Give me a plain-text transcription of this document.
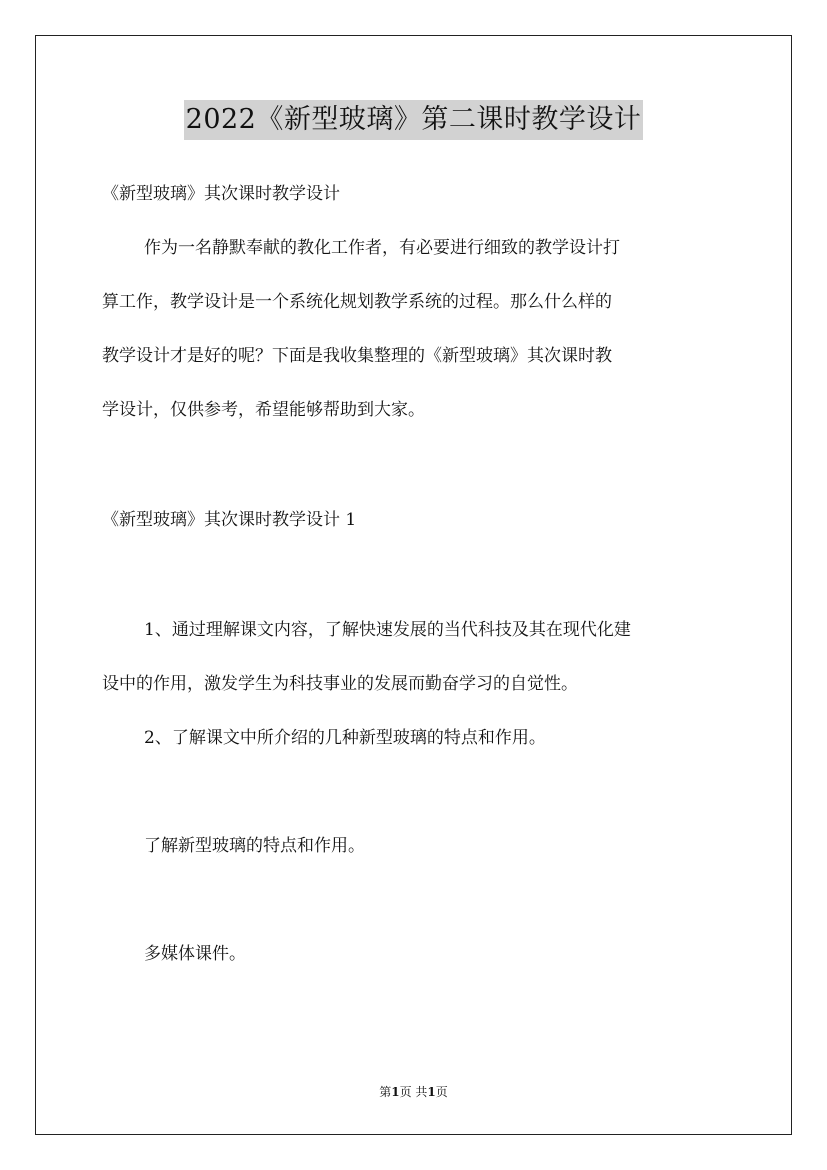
2022《新型玻璃》第二课时教学设计
《新型玻璃》其次课时教学设计
作为一名静默奉献的教化工作者，有必要进行细致的教学设计打
算工作，教学设计是一个系统化规划教学系统的过程。那么什么样的
教学设计才是好的呢？下面是我收集整理的《新型玻璃》其次课时教
学设计，仅供参考，希望能够帮助到大家。
《新型玻璃》其次课时教学设计 1
1、通过理解课文内容，了解快速发展的当代科技及其在现代化建
设中的作用，激发学生为科技事业的发展而勤奋学习的自觉性。
2、了解课文中所介绍的几种新型玻璃的特点和作用。
了解新型玻璃的特点和作用。
多媒体课件。
第1页 共1页
